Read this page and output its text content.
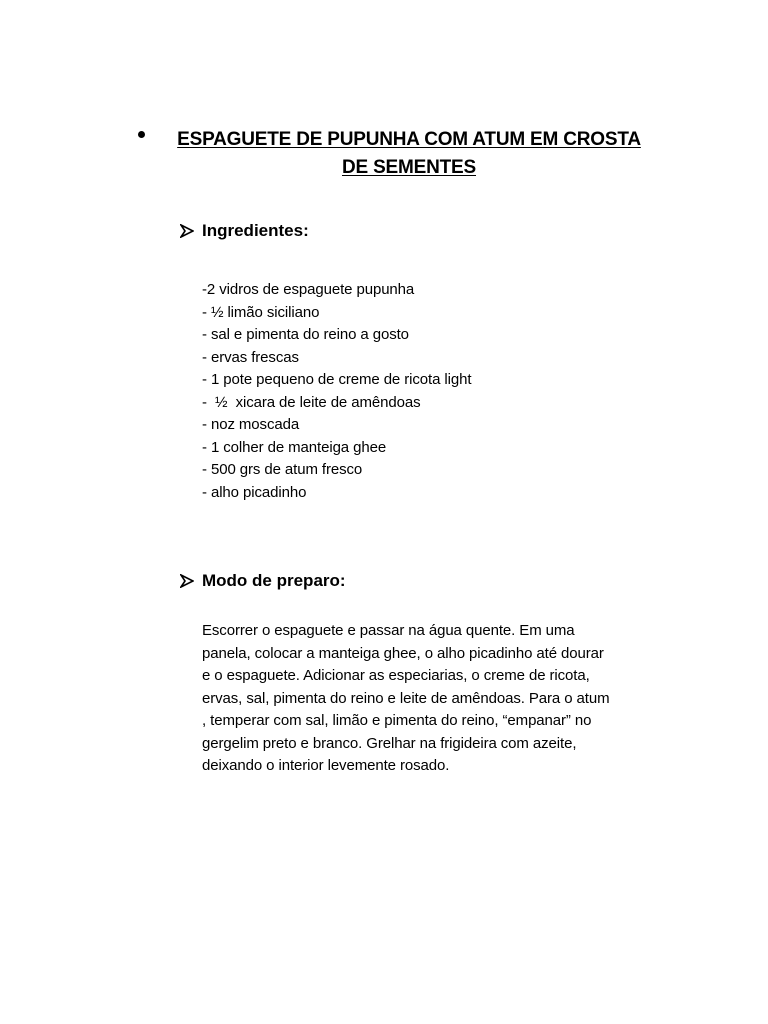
ESPAGUETE DE PUPUNHA COM ATUM EM CROSTA
DE SEMENTES
Ingredientes:
-2 vidros de espaguete pupunha
- ½ limão siciliano
- sal e pimenta do reino a gosto
- ervas frescas
- 1 pote pequeno de creme de ricota light
-  ½  xicara de leite de amêndoas
- noz moscada
- 1 colher de manteiga ghee
- 500 grs de atum fresco
- alho picadinho
Modo de preparo:
Escorrer o espaguete e passar na água quente. Em uma
panela, colocar a manteiga ghee, o alho picadinho até dourar
e o espaguete. Adicionar as especiarias, o creme de ricota,
ervas, sal, pimenta do reino e leite de amêndoas. Para o atum
, temperar com sal, limão e pimenta do reino, “empanar” no
gergelim preto e branco. Grelhar na frigideira com azeite,
deixando o interior levemente rosado.
